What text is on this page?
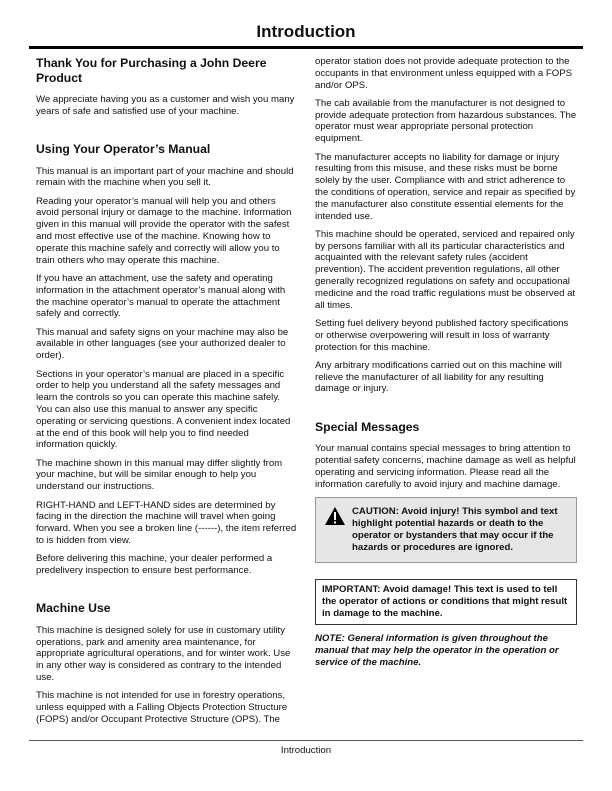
Introduction
Thank You for Purchasing a John Deere Product

We appreciate having you as a customer and wish you many years of safe and satisfied use of your machine.

Using Your Operator’s Manual

This manual is an important part of your machine and should remain with the machine when you sell it.

Reading your operator’s manual will help you and others avoid personal injury or damage to the machine. Information given in this manual will provide the operator with the safest and most effective use of the machine. Knowing how to operate this machine safely and correctly will allow you to train others who may operate this machine.

If you have an attachment, use the safety and operating information in the attachment operator’s manual along with the machine operator’s manual to operate the attachment safely and correctly.

This manual and safety signs on your machine may also be available in other languages (see your authorized dealer to order).

Sections in your operator’s manual are placed in a specific order to help you understand all the safety messages and learn the controls so you can operate this machine safely. You can also use this manual to answer any specific operating or servicing questions. A convenient index located at the end of this book will help you to find needed information quickly.

The machine shown in this manual may differ slightly from your machine, but will be similar enough to help you understand our instructions.

RIGHT-HAND and LEFT-HAND sides are determined by facing in the direction the machine will travel when going forward. When you see a broken line (------), the item referred to is hidden from view.

Before delivering this machine, your dealer performed a predelivery inspection to ensure best performance.

Machine Use

This machine is designed solely for use in customary utility operations, park and amenity area maintenance, for appropriate agricultural operations, and for winter work. Use in any other way is considered as contrary to the intended use.

This machine is not intended for use in forestry operations, unless equipped with a Falling Objects Protection Structure (FOPS) and/or Occupant Protective Structure (OPS). The

operator station does not provide adequate protection to the occupants in that environment unless equipped with a FOPS and/or OPS.

The cab available from the manufacturer is not designed to provide adequate protection from hazardous substances. The operator must wear appropriate personal protection equipment.

The manufacturer accepts no liability for damage or injury resulting from this misuse, and these risks must be borne solely by the user. Compliance with and strict adherence to the conditions of operation, service and repair as specified by the manufacturer also constitute essential elements for the intended use.

This machine should be operated, serviced and repaired only by persons familiar with all its particular characteristics and acquainted with the relevant safety rules (accident prevention). The accident prevention regulations, all other generally recognized regulations on safety and occupational medicine and the road traffic regulations must be observed at all times.

Setting fuel delivery beyond published factory specifications or otherwise overpowering will result in loss of warranty protection for this machine.

Any arbitrary modifications carried out on this machine will relieve the manufacturer of all liability for any resulting damage or injury.

Special Messages

Your manual contains special messages to bring attention to potential safety concerns, machine damage as well as helpful operating and servicing information. Please read all the information carefully to avoid injury and machine damage.

CAUTION: Avoid injury! This symbol and text highlight potential hazards or death to the operator or bystanders that may occur if the hazards or procedures are ignored.
IMPORTANT: Avoid damage! This text is used to tell the operator of actions or conditions that might result in damage to the machine.
NOTE: General information is given throughout the manual that may help the operator in the operation or service of the machine.
Introduction
